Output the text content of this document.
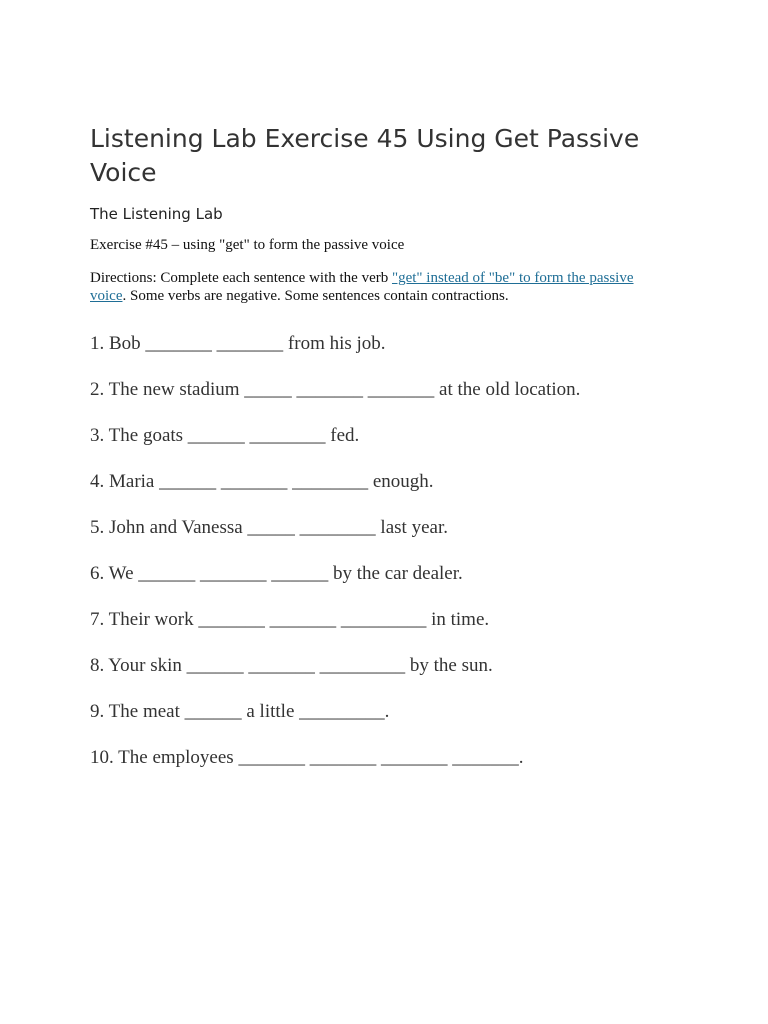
Listening Lab Exercise 45 Using Get Passive Voice
The Listening Lab

Exercise #45 – using "get" to form the passive voice

Directions: Complete each sentence with the verb "get" instead of "be" to form the passive voice. Some verbs are negative. Some sentences contain contractions.

1. Bob _______ _______ from his job.
2. The new stadium _____ _______ _______ at the old location.
3. The goats ______ ________ fed.
4. Maria ______ _______ ________ enough.
5. John and Vanessa _____ ________ last year.
6. We ______ _______ ______ by the car dealer.
7. Their work _______ _______ _________ in time.
8. Your skin ______ _______ _________ by the sun.
9. The meat ______ a little _________.
10. The employees _______ _______ _______ _______.
